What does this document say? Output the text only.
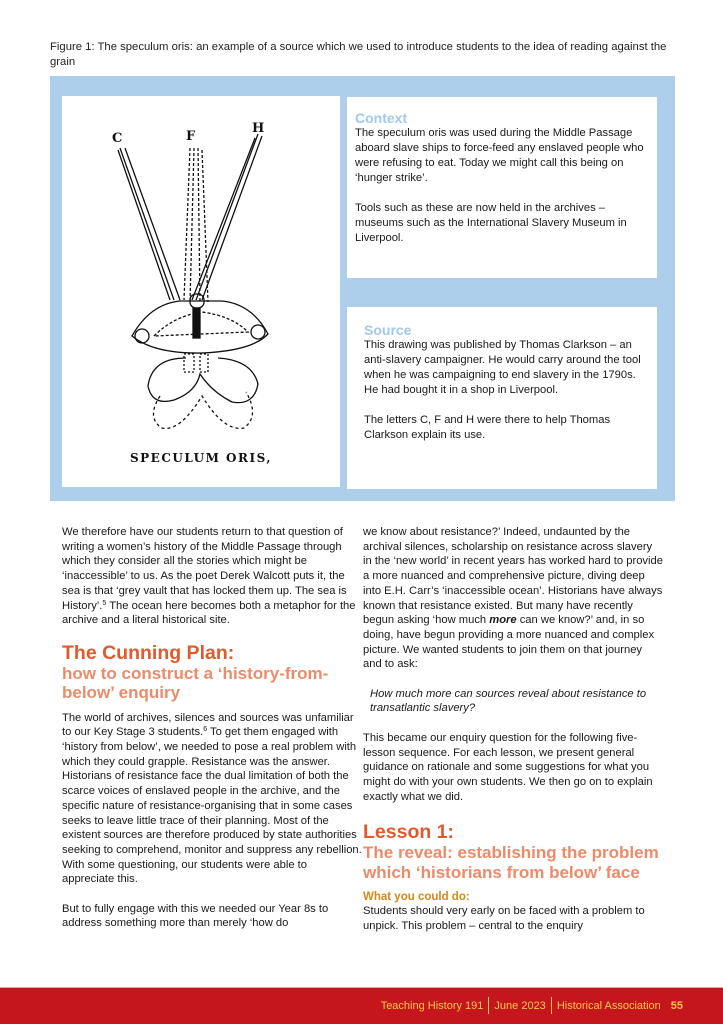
Figure 1: The speculum oris: an example of a source which we used to introduce students to the idea of reading against the grain
C	F
H
SPECULUM ORIS,
Context

The speculum oris was used during the Middle Passage aboard slave ships to force-feed any enslaved people who were refusing to eat. Today we might call this being on ‘hunger strike’.

Tools such as these are now held in the archives – museums such as the International Slavery Museum in Liverpool.

Source

This drawing was published by Thomas Clarkson – an anti-slavery campaigner. He would carry around the tool when he was campaigning to end slavery in the 1790s. He had bought it in a shop in Liverpool.

The letters C, F and H were there to help Thomas Clarkson explain its use.

We therefore have our students return to that question of writing a women’s history of the Middle Passage through which they consider all the stories which might be ‘inaccessible’ to us. As the poet Derek Walcott puts it, the sea is that ‘grey vault that has locked them up. The sea is History’.$^5$ The ocean here becomes both a metaphor for the archive and a literal historical site.

The Cunning Plan:
how to construct a ‘history-from-below’ enquiry

The world of archives, silences and sources was unfamiliar to our Key Stage 3 students.$^6$ To get them engaged with ‘history from below’, we needed to pose a real problem with which they could grapple. Resistance was the answer. Historians of resistance face the dual limitation of both the scarce voices of enslaved people in the archive, and the specific nature of resistance-organising that in some cases seeks to leave little trace of their planning. Most of the existent sources are therefore produced by state authorities seeking to comprehend, monitor and suppress any rebellion. With some questioning, our students were able to appreciate this.

But to fully engage with this we needed our Year 8s to address something more than merely ‘how do

we know about resistance?’ Indeed, undaunted by the archival silences, scholarship on resistance across slavery in the ‘new world’ in recent years has worked hard to provide a more nuanced and comprehensive picture, diving deep into E.H. Carr’s ‘inaccessible ocean’. Historians have always known that resistance existed. But many have recently begun asking ‘how much more can we know?’ and, in so doing, have begun providing a more nuanced and complex picture. We wanted students to join them on that journey and to ask:

How much more can sources reveal about resistance to transatlantic slavery?

This became our enquiry question for the following five-lesson sequence. For each lesson, we present general guidance on rationale and some suggestions for what you might do with your own students. We then go on to explain exactly what we did.

Lesson 1:
The reveal: establishing the problem which ‘historians from below’ face
What you could do:

Students should very early on be faced with a problem to unpick. This problem – central to the enquiry

Teaching History 191 June 2023 Historical Association 55
